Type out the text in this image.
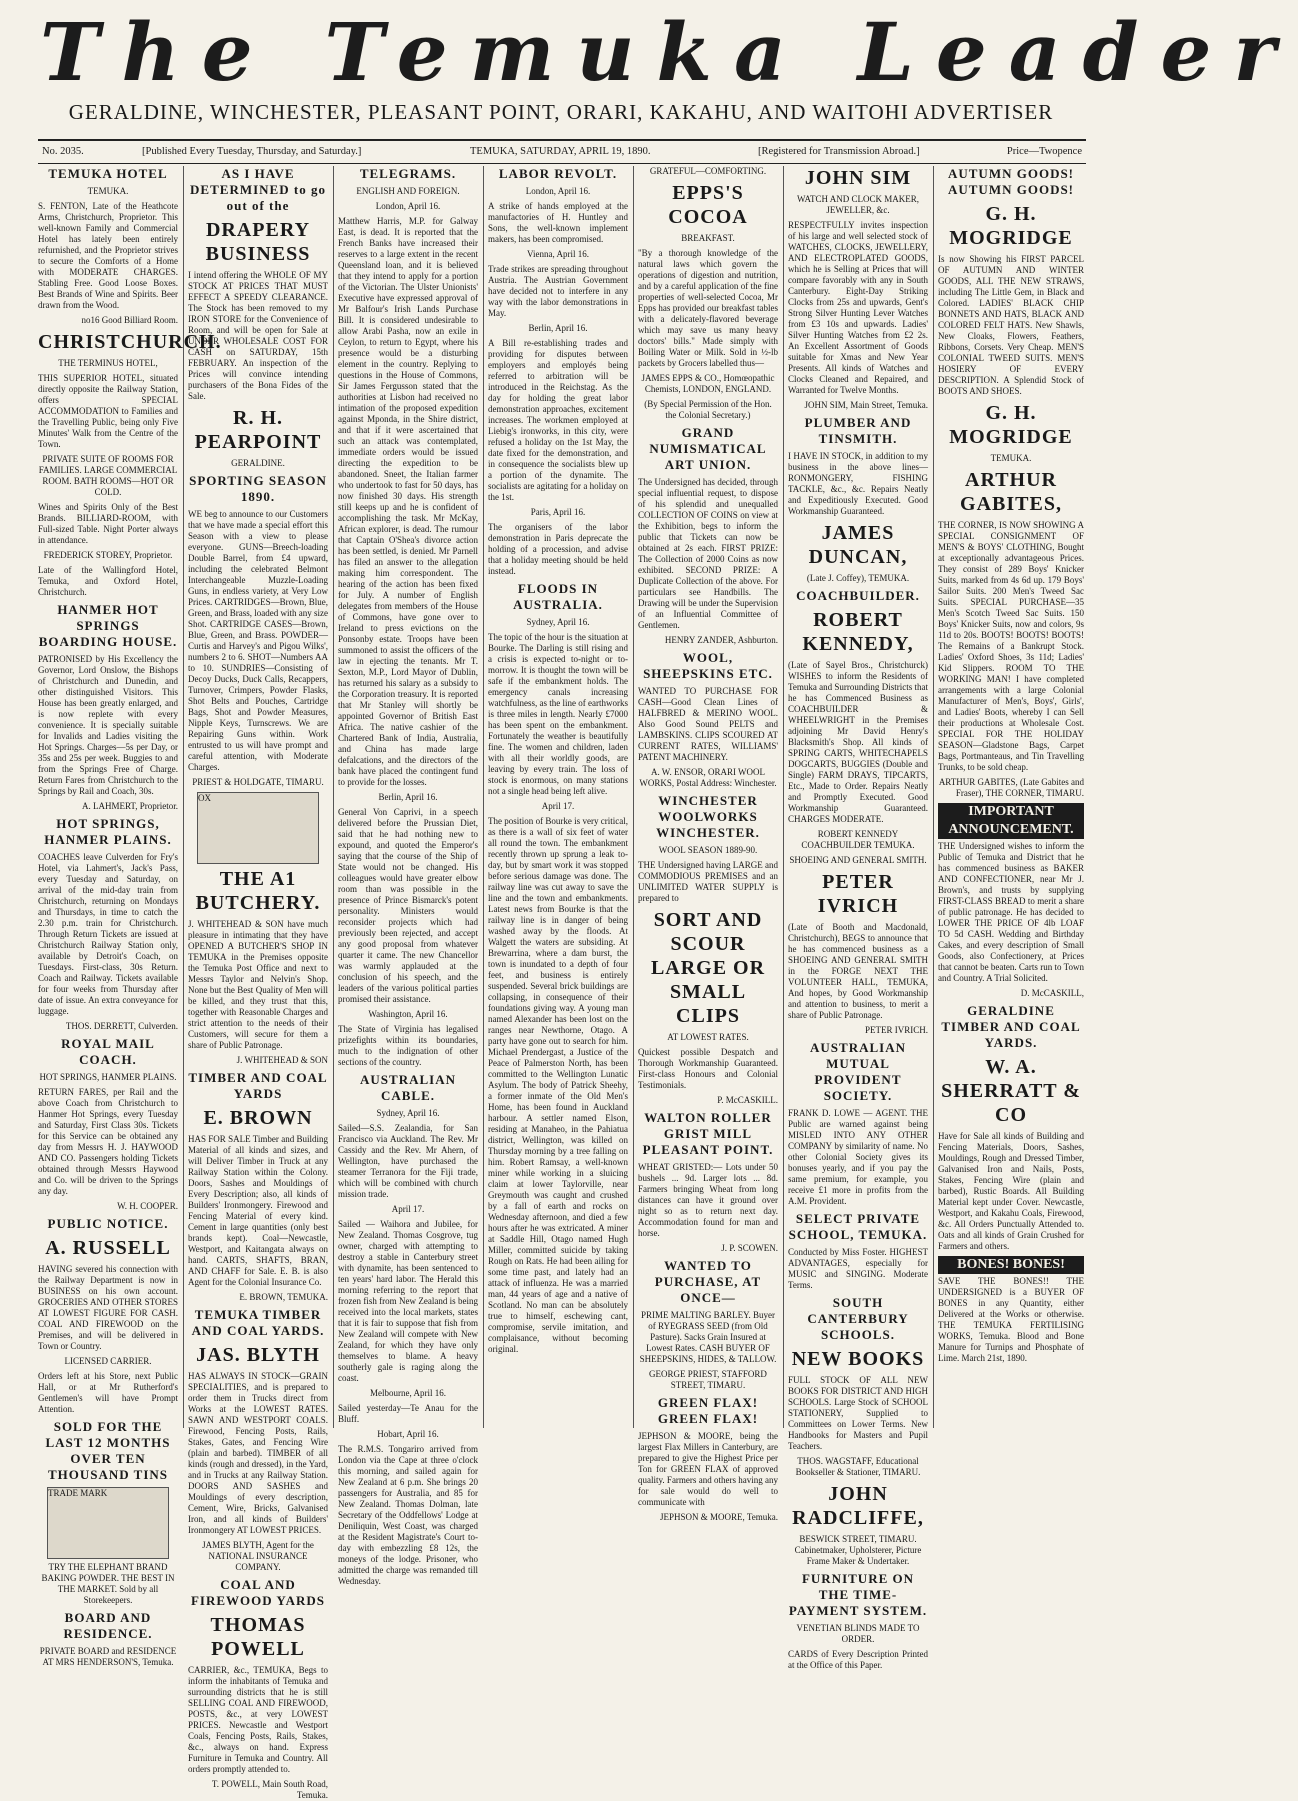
The Temuka Leader
GERALDINE, WINCHESTER, PLEASANT POINT, ORARI, KAKAHU, AND WAITOHI ADVERTISER
No. 2035.	[Published Every Tuesday, Thursday, and Saturday.]	TEMUKA, SATURDAY, APRIL 19, 1890.	[Registered for Transmission Abroad.]	Price—Twopence
TEMUKA HOTEL
TEMUKA.
S. FENTON, Late of the Heathcote Arms, Christchurch, Proprietor. This well-known Family and Commercial Hotel has lately been entirely refurnished, and the Proprietor strives to secure the Comforts of a Home with MODERATE CHARGES. Stabling Free. Good Loose Boxes. Best Brands of Wine and Spirits. Beer drawn from the Wood.
no16 Good Billiard Room.
CHRISTCHURCH.
THE TERMINUS HOTEL,
THIS SUPERIOR HOTEL, situated directly opposite the Railway Station, offers SPECIAL ACCOMMODATION to Families and the Travelling Public, being only Five Minutes' Walk from the Centre of the Town.
PRIVATE SUITE OF ROOMS FOR FAMILIES. LARGE COMMERCIAL ROOM. BATH ROOMS—HOT OR COLD.
Wines and Spirits Only of the Best Brands. BILLIARD-ROOM, with Full-sized Table. Night Porter always in attendance.
FREDERICK STOREY, Proprietor.
Late of the Wallingford Hotel, Temuka, and Oxford Hotel, Christchurch.
HANMER HOT SPRINGS BOARDING HOUSE.
PATRONISED by His Excellency the Governor, Lord Onslow, the Bishops of Christchurch and Dunedin, and other distinguished Visitors. This House has been greatly enlarged, and is now replete with every convenience. It is specially suitable for Invalids and Ladies visiting the Hot Springs. Charges—5s per Day, or 35s and 25s per week. Buggies to and from the Springs Free of Charge. Return Fares from Christchurch to the Springs by Rail and Coach, 30s.
A. LAHMERT, Proprietor.
HOT SPRINGS, HANMER PLAINS.
COACHES leave Culverden for Fry's Hotel, via Lahmert's, Jack's Pass, every Tuesday and Saturday, on arrival of the mid-day train from Christchurch, returning on Mondays and Thursdays, in time to catch the 2.30 p.m. train for Christchurch. Through Return Tickets are issued at Christchurch Railway Station only, available by Detroit's Coach, on Tuesdays. First-class, 30s Return. Coach and Railway. Tickets available for four weeks from Thursday after date of issue. An extra conveyance for luggage.
THOS. DERRETT, Culverden.
ROYAL MAIL COACH.
HOT SPRINGS, HANMER PLAINS.
RETURN FARES, per Rail and the above Coach from Christchurch to Hanmer Hot Springs, every Tuesday and Saturday, First Class 30s. Tickets for this Service can be obtained any day from Messrs H. J. HAYWOOD AND CO. Passengers holding Tickets obtained through Messrs Haywood and Co. will be driven to the Springs any day.
W. H. COOPER.
PUBLIC NOTICE.
A. RUSSELL
HAVING severed his connection with the Railway Department is now in BUSINESS on his own account. GROCERIES AND OTHER STORES AT LOWEST FIGURE FOR CASH. COAL AND FIREWOOD on the Premises, and will be delivered in Town or Country.
LICENSED CARRIER.
Orders left at his Store, next Public Hall, or at Mr Rutherford's Gentlemen's will have Prompt Attention.
SOLD FOR THE LAST 12 MONTHS OVER TEN THOUSAND TINS
TRADE MARK
TRY THE ELEPHANT BRAND BAKING POWDER. THE BEST IN THE MARKET. Sold by all Storekeepers.
BOARD AND RESIDENCE.
PRIVATE BOARD and RESIDENCE AT MRS HENDERSON'S, Temuka.
AS I HAVE DETERMINED to go out of the
DRAPERY BUSINESS
I intend offering the WHOLE OF MY STOCK AT PRICES THAT MUST EFFECT A SPEEDY CLEARANCE. The Stock has been removed to my IRON STORE for the Convenience of Room, and will be open for Sale at UNDER WHOLESALE COST FOR CASH on SATURDAY, 15th FEBRUARY. An inspection of the Prices will convince intending purchasers of the Bona Fides of the Sale.
R. H. PEARPOINT
GERALDINE.
SPORTING SEASON 1890.
WE beg to announce to our Customers that we have made a special effort this Season with a view to please everyone. GUNS—Breech-loading Double Barrel, from £4 upward, including the celebrated Belmont Interchangeable Muzzle-Loading Guns, in endless variety, at Very Low Prices. CARTRIDGES—Brown, Blue, Green, and Brass, loaded with any size Shot. CARTRIDGE CASES—Brown, Blue, Green, and Brass. POWDER—Curtis and Harvey's and Pigou Wilks', numbers 2 to 6. SHOT—Numbers AA to 10. SUNDRIES—Consisting of Decoy Ducks, Duck Calls, Recappers, Turnover, Crimpers, Powder Flasks, Shot Belts and Pouches, Cartridge Bags, Shot and Powder Measures, Nipple Keys, Turnscrews. We are Repairing Guns within. Work entrusted to us will have prompt and careful attention, with Moderate Charges.
PRIEST & HOLDGATE, TIMARU.
OX
THE A1 BUTCHERY.
J. WHITEHEAD & SON have much pleasure in intimating that they have OPENED A BUTCHER'S SHOP IN TEMUKA in the Premises opposite the Temuka Post Office and next to Messrs Taylor and Nelvin's Shop. None but the Best Quality of Men will be killed, and they trust that this, together with Reasonable Charges and strict attention to the needs of their Customers, will secure for them a share of Public Patronage.
J. WHITEHEAD & SON
TIMBER AND COAL YARDS
E. BROWN
HAS FOR SALE Timber and Building Material of all kinds and sizes, and will Deliver Timber in Truck at any Railway Station within the Colony. Doors, Sashes and Mouldings of Every Description; also, all kinds of Builders' Ironmongery. Firewood and Fencing Material of every kind. Cement in large quantities (only best brands kept). Coal—Newcastle, Westport, and Kaitangata always on hand. CARTS, SHAFTS, BRAN, AND CHAFF for Sale. E. B. is also Agent for the Colonial Insurance Co.
E. BROWN, TEMUKA.
TEMUKA TIMBER AND COAL YARDS.
JAS. BLYTH
HAS ALWAYS IN STOCK—GRAIN SPECIALITIES, and is prepared to order them in Trucks direct from Works at the LOWEST RATES. SAWN AND WESTPORT COALS. Firewood, Fencing Posts, Rails, Stakes, Gates, and Fencing Wire (plain and barbed). TIMBER of all kinds (rough and dressed), in the Yard, and in Trucks at any Railway Station. DOORS AND SASHES and Mouldings of every description, Cement, Wire, Bricks, Galvanised Iron, and all kinds of Builders' Ironmongery AT LOWEST PRICES.
JAMES BLYTH, Agent for the NATIONAL INSURANCE COMPANY.
COAL AND FIREWOOD YARDS
THOMAS POWELL
CARRIER, &c., TEMUKA, Begs to inform the inhabitants of Temuka and surrounding districts that he is still SELLING COAL AND FIREWOOD, POSTS, &c., at very LOWEST PRICES. Newcastle and Westport Coals, Fencing Posts, Rails, Stakes, &c., always on hand. Express Furniture in Temuka and Country. All orders promptly attended to.
T. POWELL, Main South Road, Temuka.
TELEGRAMS.
ENGLISH AND FOREIGN.
London, April 16.
Matthew Harris, M.P. for Galway East, is dead. It is reported that the French Banks have increased their reserves to a large extent in the recent Queensland loan, and it is believed that they intend to apply for a portion of the Victorian. The Ulster Unionists' Executive have expressed approval of Mr Balfour's Irish Lands Purchase Bill. It is considered undesirable to allow Arabi Pasha, now an exile in Ceylon, to return to Egypt, where his presence would be a disturbing element in the country. Replying to questions in the House of Commons, Sir James Fergusson stated that the authorities at Lisbon had received no intimation of the proposed expedition against Mponda, in the Shire district, and that if it were ascertained that such an attack was contemplated, immediate orders would be issued directing the expedition to be abandoned. Sneet, the Italian farmer who undertook to fast for 50 days, has now finished 30 days. His strength still keeps up and he is confident of accomplishing the task. Mr McKay, African explorer, is dead. The rumour that Captain O'Shea's divorce action has been settled, is denied. Mr Parnell has filed an answer to the allegation making him correspondent. The hearing of the action has been fixed for July. A number of English delegates from members of the House of Commons, have gone over to Ireland to press evictions on the Ponsonby estate. Troops have been summoned to assist the officers of the law in ejecting the tenants. Mr T. Sexton, M.P., Lord Mayor of Dublin, has returned his salary as a subsidy to the Corporation treasury. It is reported that Mr Stanley will shortly be appointed Governor of British East Africa. The native cashier of the Chartered Bank of India, Australia, and China has made large defalcations, and the directors of the bank have placed the contingent fund to provide for the losses.
Berlin, April 16.
General Von Caprivi, in a speech delivered before the Prussian Diet, said that he had nothing new to expound, and quoted the Emperor's saying that the course of the Ship of State would not be changed. His colleagues would have greater elbow room than was possible in the presence of Prince Bismarck's potent personality. Ministers would reconsider projects which had previously been rejected, and accept any good proposal from whatever quarter it came. The new Chancellor was warmly applauded at the conclusion of his speech, and the leaders of the various political parties promised their assistance.
Washington, April 16.
The State of Virginia has legalised prizefights within its boundaries, much to the indignation of other sections of the country.
AUSTRALIAN CABLE.
Sydney, April 16.
Sailed—S.S. Zealandia, for San Francisco via Auckland. The Rev. Mr Cassidy and the Rev. Mr Ahern, of Wellington, have purchased the steamer Terranora for the Fiji trade, which will be combined with church mission trade.
April 17.
Sailed — Waihora and Jubilee, for New Zealand. Thomas Cosgrove, tug owner, charged with attempting to destroy a stable in Canterbury street with dynamite, has been sentenced to ten years' hard labor. The Herald this morning referring to the report that frozen fish from New Zealand is being received into the local markets, states that it is fair to suppose that fish from New Zealand will compete with New Zealand, for which they have only themselves to blame. A heavy southerly gale is raging along the coast.
Melbourne, April 16.
Sailed yesterday—Te Anau for the Bluff.
Hobart, April 16.
The R.M.S. Tongariro arrived from London via the Cape at three o'clock this morning, and sailed again for New Zealand at 6 p.m. She brings 20 passengers for Australia, and 85 for New Zealand. Thomas Dolman, late Secretary of the Oddfellows' Lodge at Deniliquin, West Coast, was charged at the Resident Magistrate's Court to-day with embezzling £8 12s, the moneys of the lodge. Prisoner, who admitted the charge was remanded till Wednesday.
LABOR REVOLT.
London, April 16.
A strike of hands employed at the manufactories of H. Huntley and Sons, the well-known implement makers, has been compromised.
Vienna, April 16.
Trade strikes are spreading throughout Austria. The Austrian Government have decided not to interfere in any way with the labor demonstrations in May.
Berlin, April 16.
A Bill re-establishing trades and providing for disputes between employers and employés being referred to arbitration will be introduced in the Reichstag. As the day for holding the great labor demonstration approaches, excitement increases. The workmen employed at Liebig's ironworks, in this city, were refused a holiday on the 1st May, the date fixed for the demonstration, and in consequence the socialists blew up a portion of the dynamite. The socialists are agitating for a holiday on the 1st.
Paris, April 16.
The organisers of the labor demonstration in Paris deprecate the holding of a procession, and advise that a holiday meeting should be held instead.
FLOODS IN AUSTRALIA.
Sydney, April 16.
The topic of the hour is the situation at Bourke. The Darling is still rising and a crisis is expected to-night or to-morrow. It is thought the town will be safe if the embankment holds. The emergency canals increasing watchfulness, as the line of earthworks is three miles in length. Nearly £7000 has been spent on the embankment. Fortunately the weather is beautifully fine. The women and children, laden with all their worldly goods, are leaving by every train. The loss of stock is enormous, on many stations not a single head being left alive.
April 17.
The position of Bourke is very critical, as there is a wall of six feet of water all round the town. The embankment recently thrown up sprung a leak to-day, but by smart work it was stopped before serious damage was done. The railway line was cut away to save the line and the town and embankments. Latest news from Bourke is that the railway line is in danger of being washed away by the floods. At Walgett the waters are subsiding. At Brewarrina, where a dam burst, the town is inundated to a depth of four feet, and business is entirely suspended. Several brick buildings are collapsing, in consequence of their foundations giving way. A young man named Alexander has been lost on the ranges near Newthorne, Otago. A party have gone out to search for him. Michael Prendergast, a Justice of the Peace of Palmerston North, has been committed to the Wellington Lunatic Asylum. The body of Patrick Sheehy, a former inmate of the Old Men's Home, has been found in Auckland harbour. A settler named Elson, residing at Manaheo, in the Pahiatua district, Wellington, was killed on Thursday morning by a tree falling on him. Robert Ramsay, a well-known miner while working in a sluicing claim at lower Taylorville, near Greymouth was caught and crushed by a fall of earth and rocks on Wednesday afternoon, and died a few hours after he was extricated. A miner at Saddle Hill, Otago named Hugh Miller, committed suicide by taking Rough on Rats. He had been ailing for some time past, and lately had an attack of influenza. He was a married man, 44 years of age and a native of Scotland. No man can be absolutely true to himself, eschewing cant, compromise, servile imitation, and complaisance, without becoming original.
GRATEFUL—COMFORTING.
EPPS'S COCOA
BREAKFAST.
"By a thorough knowledge of the natural laws which govern the operations of digestion and nutrition, and by a careful application of the fine properties of well-selected Cocoa, Mr Epps has provided our breakfast tables with a delicately-flavored beverage which may save us many heavy doctors' bills." Made simply with Boiling Water or Milk. Sold in ½-lb packets by Grocers labelled thus—
JAMES EPPS & CO., Homœopathic Chemists, LONDON, ENGLAND.
(By Special Permission of the Hon. the Colonial Secretary.)
GRAND NUMISMATICAL ART UNION.
The Undersigned has decided, through special influential request, to dispose of his splendid and unequalled COLLECTION OF COINS on view at the Exhibition, begs to inform the public that Tickets can now be obtained at 2s each. FIRST PRIZE: The Collection of 2000 Coins as now exhibited. SECOND PRIZE: A Duplicate Collection of the above. For particulars see Handbills. The Drawing will be under the Supervision of an Influential Committee of Gentlemen.
HENRY ZANDER, Ashburton.
WOOL, SHEEPSKINS ETC.
WANTED TO PURCHASE FOR CASH—Good Clean Lines of HALFBRED & MERINO WOOL. Also Good Sound PELTS and LAMBSKINS. CLIPS SCOURED AT CURRENT RATES, WILLIAMS' PATENT MACHINERY.
A. W. ENSOR, ORARI WOOL WORKS, Postal Address: Winchester.
WINCHESTER WOOLWORKS WINCHESTER.
WOOL SEASON 1889-90.
THE Undersigned having LARGE and COMMODIOUS PREMISES and an UNLIMITED WATER SUPPLY is prepared to
SORT AND SCOUR LARGE OR SMALL CLIPS
AT LOWEST RATES.
Quickest possible Despatch and Thorough Workmanship Guaranteed. First-class Honours and Colonial Testimonials.
P. McCASKILL.
WALTON ROLLER GRIST MILL PLEASANT POINT.
WHEAT GRISTED:— Lots under 50 bushels ... 9d. Larger lots ... 8d. Farmers bringing Wheat from long distances can have it ground over night so as to return next day. Accommodation found for man and horse.
J. P. SCOWEN.
WANTED TO PURCHASE, AT ONCE—
PRIME MALTING BARLEY. Buyer of RYEGRASS SEED (from Old Pasture). Sacks Grain Insured at Lowest Rates. CASH BUYER OF SHEEPSKINS, HIDES, & TALLOW.
GEORGE PRIEST, STAFFORD STREET, TIMARU.
GREEN FLAX! GREEN FLAX!
JEPHSON & MOORE, being the largest Flax Millers in Canterbury, are prepared to give the Highest Price per Ton for GREEN FLAX of approved quality. Farmers and others having any for sale would do well to communicate with
JEPHSON & MOORE, Temuka.
JOHN SIM
WATCH AND CLOCK MAKER, JEWELLER, &c.
RESPECTFULLY invites inspection of his large and well selected stock of WATCHES, CLOCKS, JEWELLERY, AND ELECTROPLATED GOODS, which he is Selling at Prices that will compare favorably with any in South Canterbury. Eight-Day Striking Clocks from 25s and upwards, Gent's Strong Silver Hunting Lever Watches from £3 10s and upwards. Ladies' Silver Hunting Watches from £2 2s. An Excellent Assortment of Goods suitable for Xmas and New Year Presents. All kinds of Watches and Clocks Cleaned and Repaired, and Warranted for Twelve Months.
JOHN SIM, Main Street, Temuka.
PLUMBER AND TINSMITH.
I HAVE IN STOCK, in addition to my business in the above lines—RONMONGERY, FISHING TACKLE, &c., &c. Repairs Neatly and Expeditiously Executed. Good Workmanship Guaranteed.
JAMES DUNCAN,
(Late J. Coffey), TEMUKA.
COACHBUILDER.
ROBERT KENNEDY,
(Late of Sayel Bros., Christchurck) WISHES to inform the Residents of Temuka and Surrounding Districts that he has Commenced Business as COACHBUILDER & WHEELWRIGHT in the Premises adjoining Mr David Henry's Blacksmith's Shop. All kinds of SPRING CARTS, WHITECHAPELS DOGCARTS, BUGGIES (Double and Single) FARM DRAYS, TIPCARTS, Etc., Made to Order. Repairs Neatly and Promptly Executed. Good Workmanship Guaranteed. CHARGES MODERATE.
ROBERT KENNEDY COACHBUILDER TEMUKA.
SHOEING AND GENERAL SMITH.
PETER IVRICH
(Late of Booth and Macdonald, Christchurch), BEGS to announce that he has commenced business as a SHOEING AND GENERAL SMITH in the FORGE NEXT THE VOLUNTEER HALL, TEMUKA, And hopes, by Good Workmanship and attention to business, to merit a share of Public Patronage.
PETER IVRICH.
AUSTRALIAN MUTUAL PROVIDENT SOCIETY.
FRANK D. LOWE — AGENT. THE Public are warned against being MISLED INTO ANY OTHER COMPANY by similarity of name. No other Colonial Society gives its bonuses yearly, and if you pay the same premium, for example, you receive £1 more in profits from the A.M. Provident.
SELECT PRIVATE SCHOOL, TEMUKA.
Conducted by Miss Foster. HIGHEST ADVANTAGES, especially for MUSIC and SINGING. Moderate Terms.
SOUTH CANTERBURY SCHOOLS.
NEW BOOKS
FULL STOCK OF ALL NEW BOOKS FOR DISTRICT AND HIGH SCHOOLS. Large Stock of SCHOOL STATIONERY, Supplied to Committees on Lower Terms. New Handbooks for Masters and Pupil Teachers.
THOS. WAGSTAFF, Educational Bookseller & Stationer, TIMARU.
JOHN RADCLIFFE,
BESWICK STREET, TIMARU. Cabinetmaker, Upholsterer, Picture Frame Maker & Undertaker.
FURNITURE ON THE TIME-PAYMENT SYSTEM.
VENETIAN BLINDS MADE TO ORDER.
CARDS of Every Description Printed at the Office of this Paper.
AUTUMN GOODS! AUTUMN GOODS!
G. H. MOGRIDGE
Is now Showing his FIRST PARCEL OF AUTUMN AND WINTER GOODS, ALL THE NEW STRAWS, including The Little Gem, in Black and Colored. LADIES' BLACK CHIP BONNETS AND HATS, BLACK AND COLORED FELT HATS. New Shawls, New Cloaks, Flowers, Feathers, Ribbons, Corsets. Very Cheap. MEN'S COLONIAL TWEED SUITS. MEN'S HOSIERY OF EVERY DESCRIPTION. A Splendid Stock of BOOTS AND SHOES.
G. H. MOGRIDGE
TEMUKA.
ARTHUR GABITES,
THE CORNER, IS NOW SHOWING A SPECIAL CONSIGNMENT OF MEN'S & BOYS' CLOTHING, Bought at exceptionally advantageous Prices. They consist of 289 Boys' Knicker Suits, marked from 4s 6d up. 179 Boys' Sailor Suits. 200 Men's Tweed Sac Suits. SPECIAL PURCHASE—35 Men's Scotch Tweed Sac Suits. 150 Boys' Knicker Suits, now and colors, 9s 11d to 20s. BOOTS! BOOTS! BOOTS! The Remains of a Bankrupt Stock. Ladies' Oxford Shoes, 3s 11d; Ladies' Kid Slippers. ROOM TO THE WORKING MAN! I have completed arrangements with a large Colonial Manufacturer of Men's, Boys', Girls', and Ladies' Boots, whereby I can Sell their productions at Wholesale Cost. SPECIAL FOR THE HOLIDAY SEASON—Gladstone Bags, Carpet Bags, Portmanteaus, and Tin Travelling Trunks, to be sold cheap.
ARTHUR GABITES, (Late Gabites and Fraser), THE CORNER, TIMARU.
IMPORTANT ANNOUNCEMENT.
THE Undersigned wishes to inform the Public of Temuka and District that he has commenced business as BAKER AND CONFECTIONER, near Mr J. Brown's, and trusts by supplying FIRST-CLASS BREAD to merit a share of public patronage. He has decided to LOWER THE PRICE OF 4lb LOAF TO 5d CASH. Wedding and Birthday Cakes, and every description of Small Goods, also Confectionery, at Prices that cannot be beaten. Carts run to Town and Country. A Trial Solicited.
D. McCASKILL,
GERALDINE TIMBER AND COAL YARDS.
W. A. SHERRATT & CO
Have for Sale all kinds of Building and Fencing Materials, Doors, Sashes, Mouldings, Rough and Dressed Timber, Galvanised Iron and Nails, Posts, Stakes, Fencing Wire (plain and barbed), Rustic Boards. All Building Material kept under Cover. Newcastle, Westport, and Kakahu Coals, Firewood, &c. All Orders Punctually Attended to. Oats and all kinds of Grain Crushed for Farmers and others.
BONES! BONES!
SAVE THE BONES!! THE UNDERSIGNED is a BUYER OF BONES in any Quantity, either Delivered at the Works or otherwise. THE TEMUKA FERTILISING WORKS, Temuka. Blood and Bone Manure for Turnips and Phosphate of Lime. March 21st, 1890.
